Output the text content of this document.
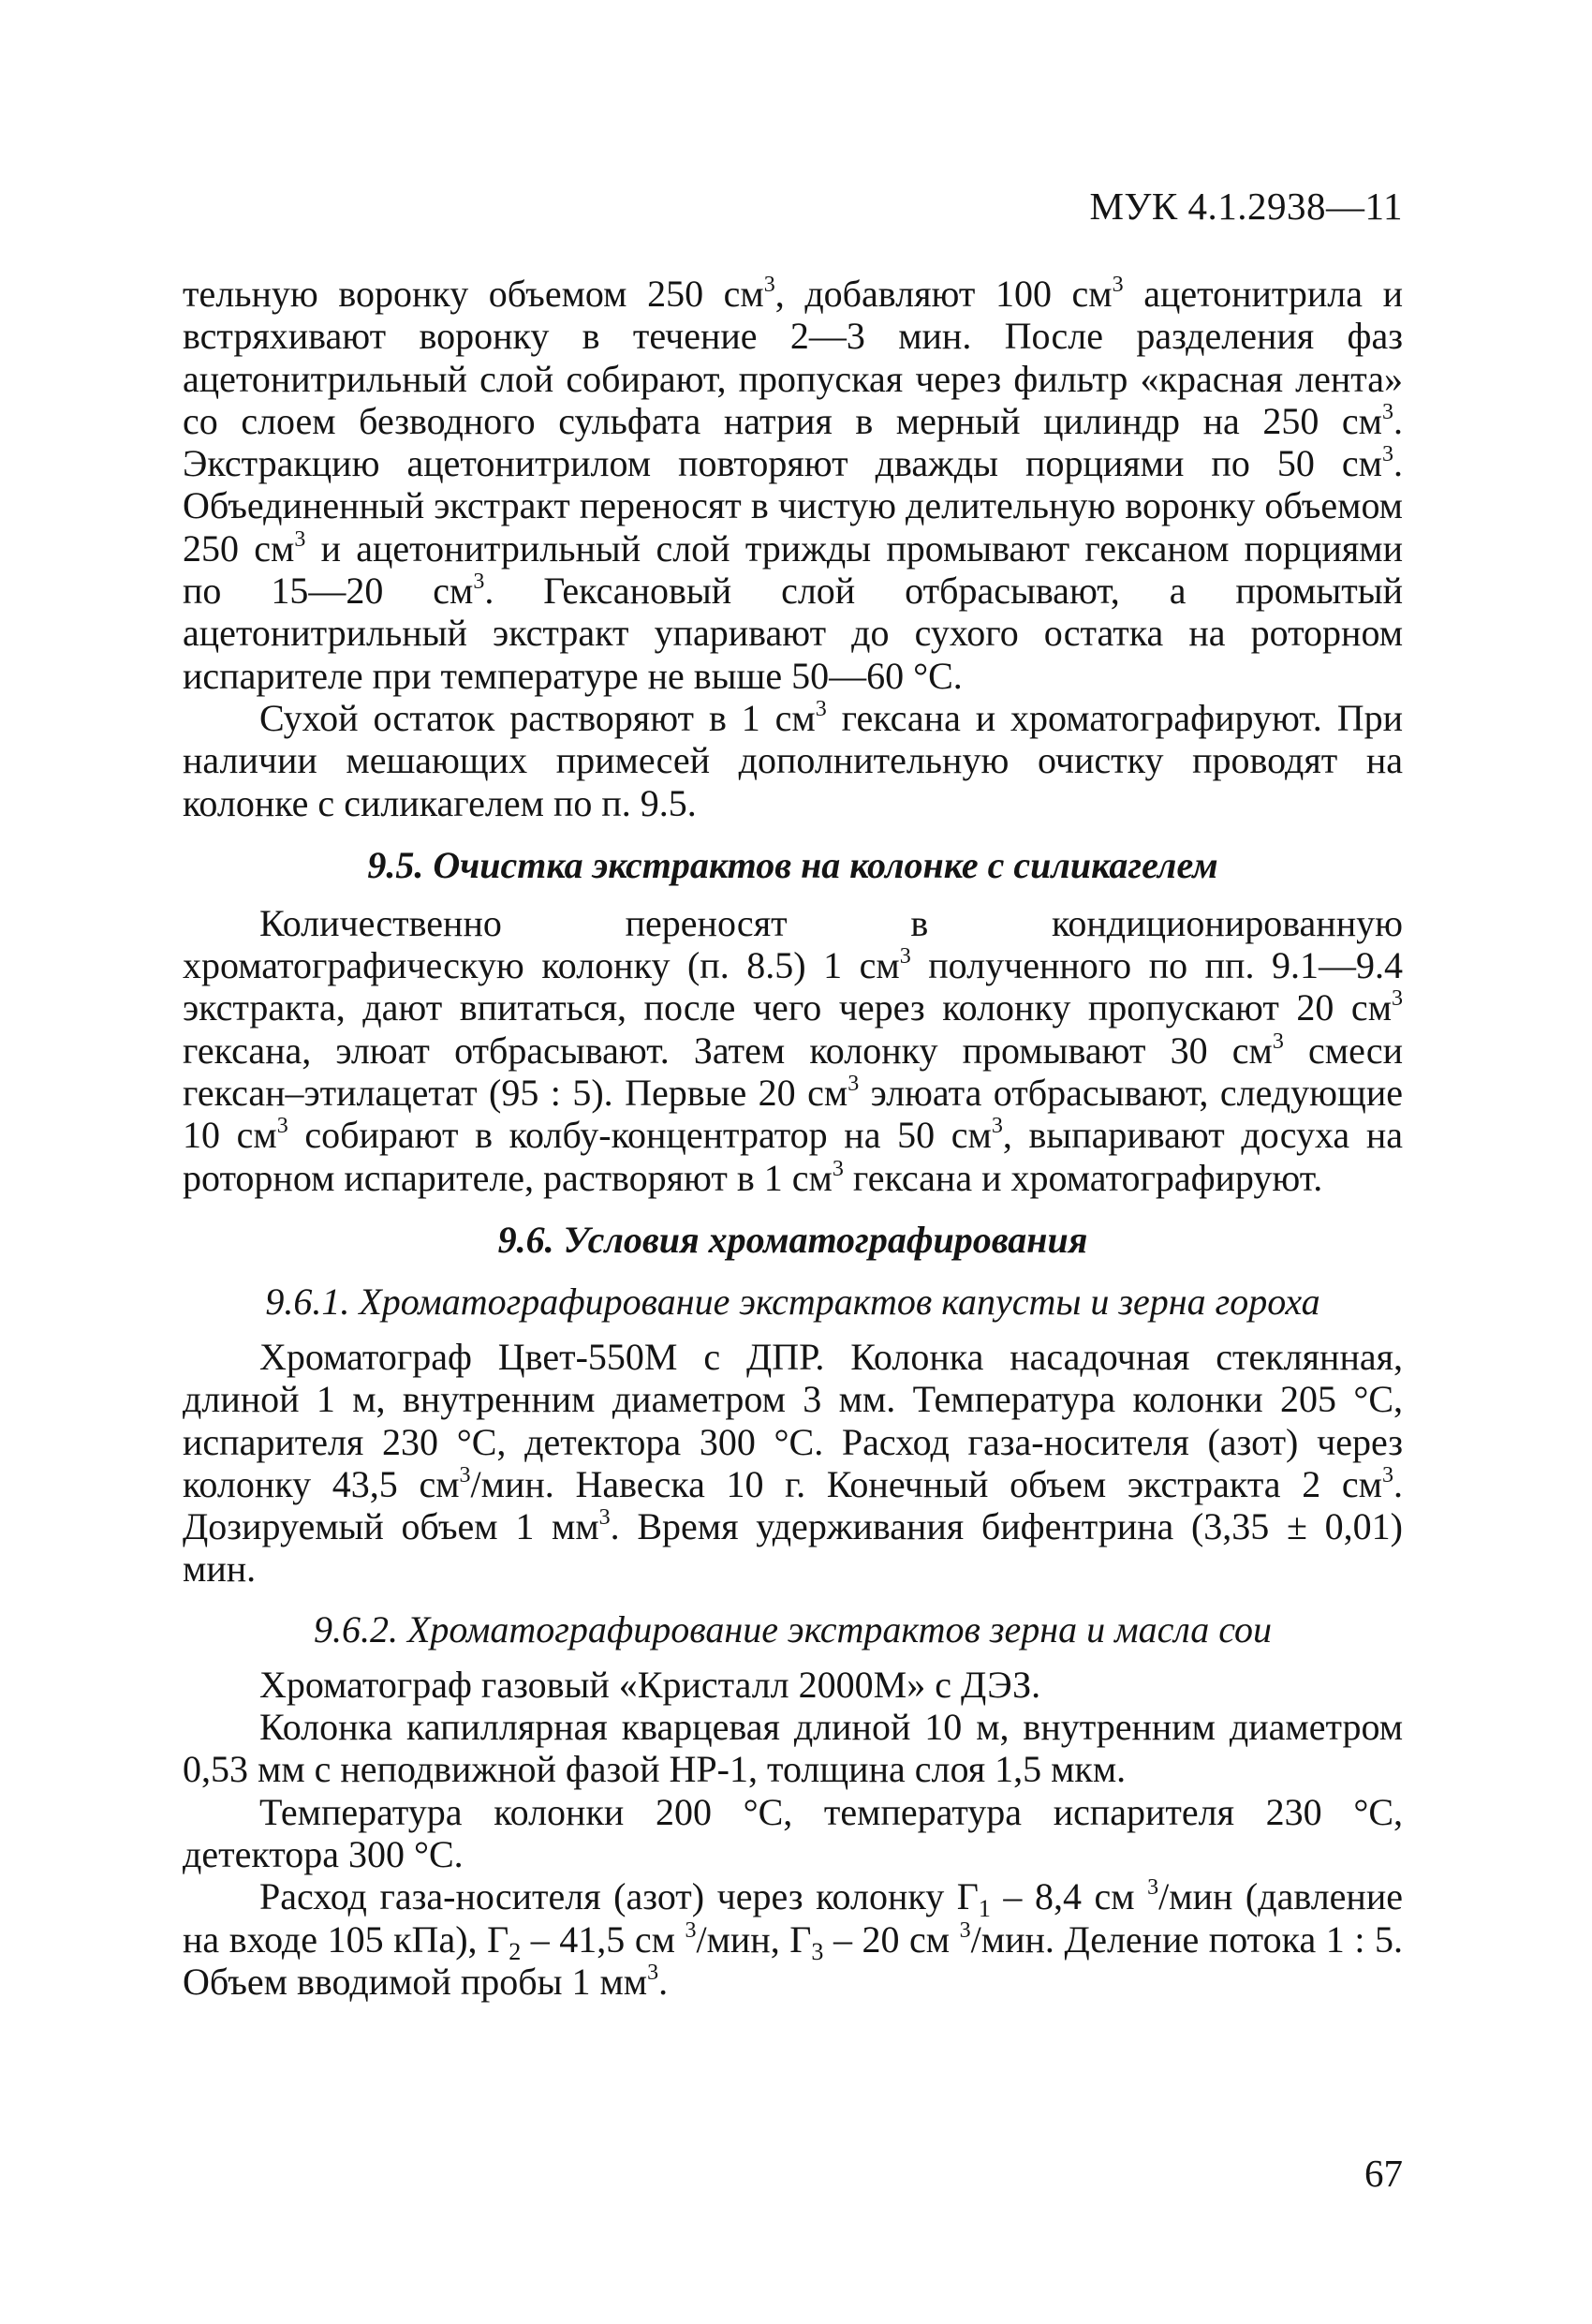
МУК 4.1.2938—11

тельную воронку объемом 250 $см^3$, добавляют 100 $см^3$ ацетонитрила и встряхивают воронку в течение 2—3 мин. После разделения фаз ацетонитрильный слой собирают, пропуская через фильтр «красная лента» со слоем безводного сульфата натрия в мерный цилиндр на 250 $см^3$. Экстракцию ацетонитрилом повторяют дважды порциями по 50 $см^3$. Объединенный экстракт переносят в чистую делительную воронку объемом 250 $см^3$ и ацетонитрильный слой трижды промывают гексаном порциями по 15—20 $см^3$. Гексановый слой отбрасывают, а промытый ацетонитрильный экстракт упаривают до сухого остатка на роторном испарителе при температуре не выше 50—60 °С.

Сухой остаток растворяют в 1 $см^3$ гексана и хроматографируют. При наличии мешающих примесей дополнительную очистку проводят на колонке с силикагелем по п. 9.5.

9.5. Очистка экстрактов на колонке с силикагелем

Количественно переносят в кондиционированную хроматографическую колонку (п. 8.5) 1 $см^3$ полученного по пп. 9.1—9.4 экстракта, дают впитаться, после чего через колонку пропускают 20 $см^3$ гексана, элюат отбрасывают. Затем колонку промывают 30 $см^3$ смеси гексан–этилацетат (95 : 5). Первые 20 $см^3$ элюата отбрасывают, следующие 10 $см^3$ собирают в колбу-концентратор на 50 $см^3$, выпаривают досуха на роторном испарителе, растворяют в 1 $см^3$ гексана и хроматографируют.

9.6. Условия хроматографирования
9.6.1. Хроматографирование экстрактов капусты и зерна гороха

Хроматограф Цвет-550М с ДПР. Колонка насадочная стеклянная, длиной 1 м, внутренним диаметром 3 мм. Температура колонки 205 °С, испарителя 230 °С, детектора 300 °С. Расход газа-носителя (азот) через колонку 43,5 $см^3$/мин. Навеска 10 г. Конечный объем экстракта 2 $см^3$. Дозируемый объем 1 $мм^3$. Время удерживания бифентрина (3,35 ± 0,01) мин.

9.6.2. Хроматографирование экстрактов зерна и масла сои

Хроматограф газовый «Кристалл 2000М» с ДЭЗ.

Колонка капиллярная кварцевая длиной 10 м, внутренним диаметром 0,53 мм с неподвижной фазой HP-1, толщина слоя 1,5 мкм.

Температура колонки 200 °С, температура испарителя 230 °С, детектора 300 °С.

Расход газа-носителя (азот) через колонку $Г_1 - 8,4$ см $^3$/мин (давление на входе 105 кПа), $Г_2 - 41,5$ см $^3$/мин, $Г_3 - 20$ см $^3$/мин. Деление потока 1 : 5. Объем вводимой пробы 1 $мм^3$.

67
